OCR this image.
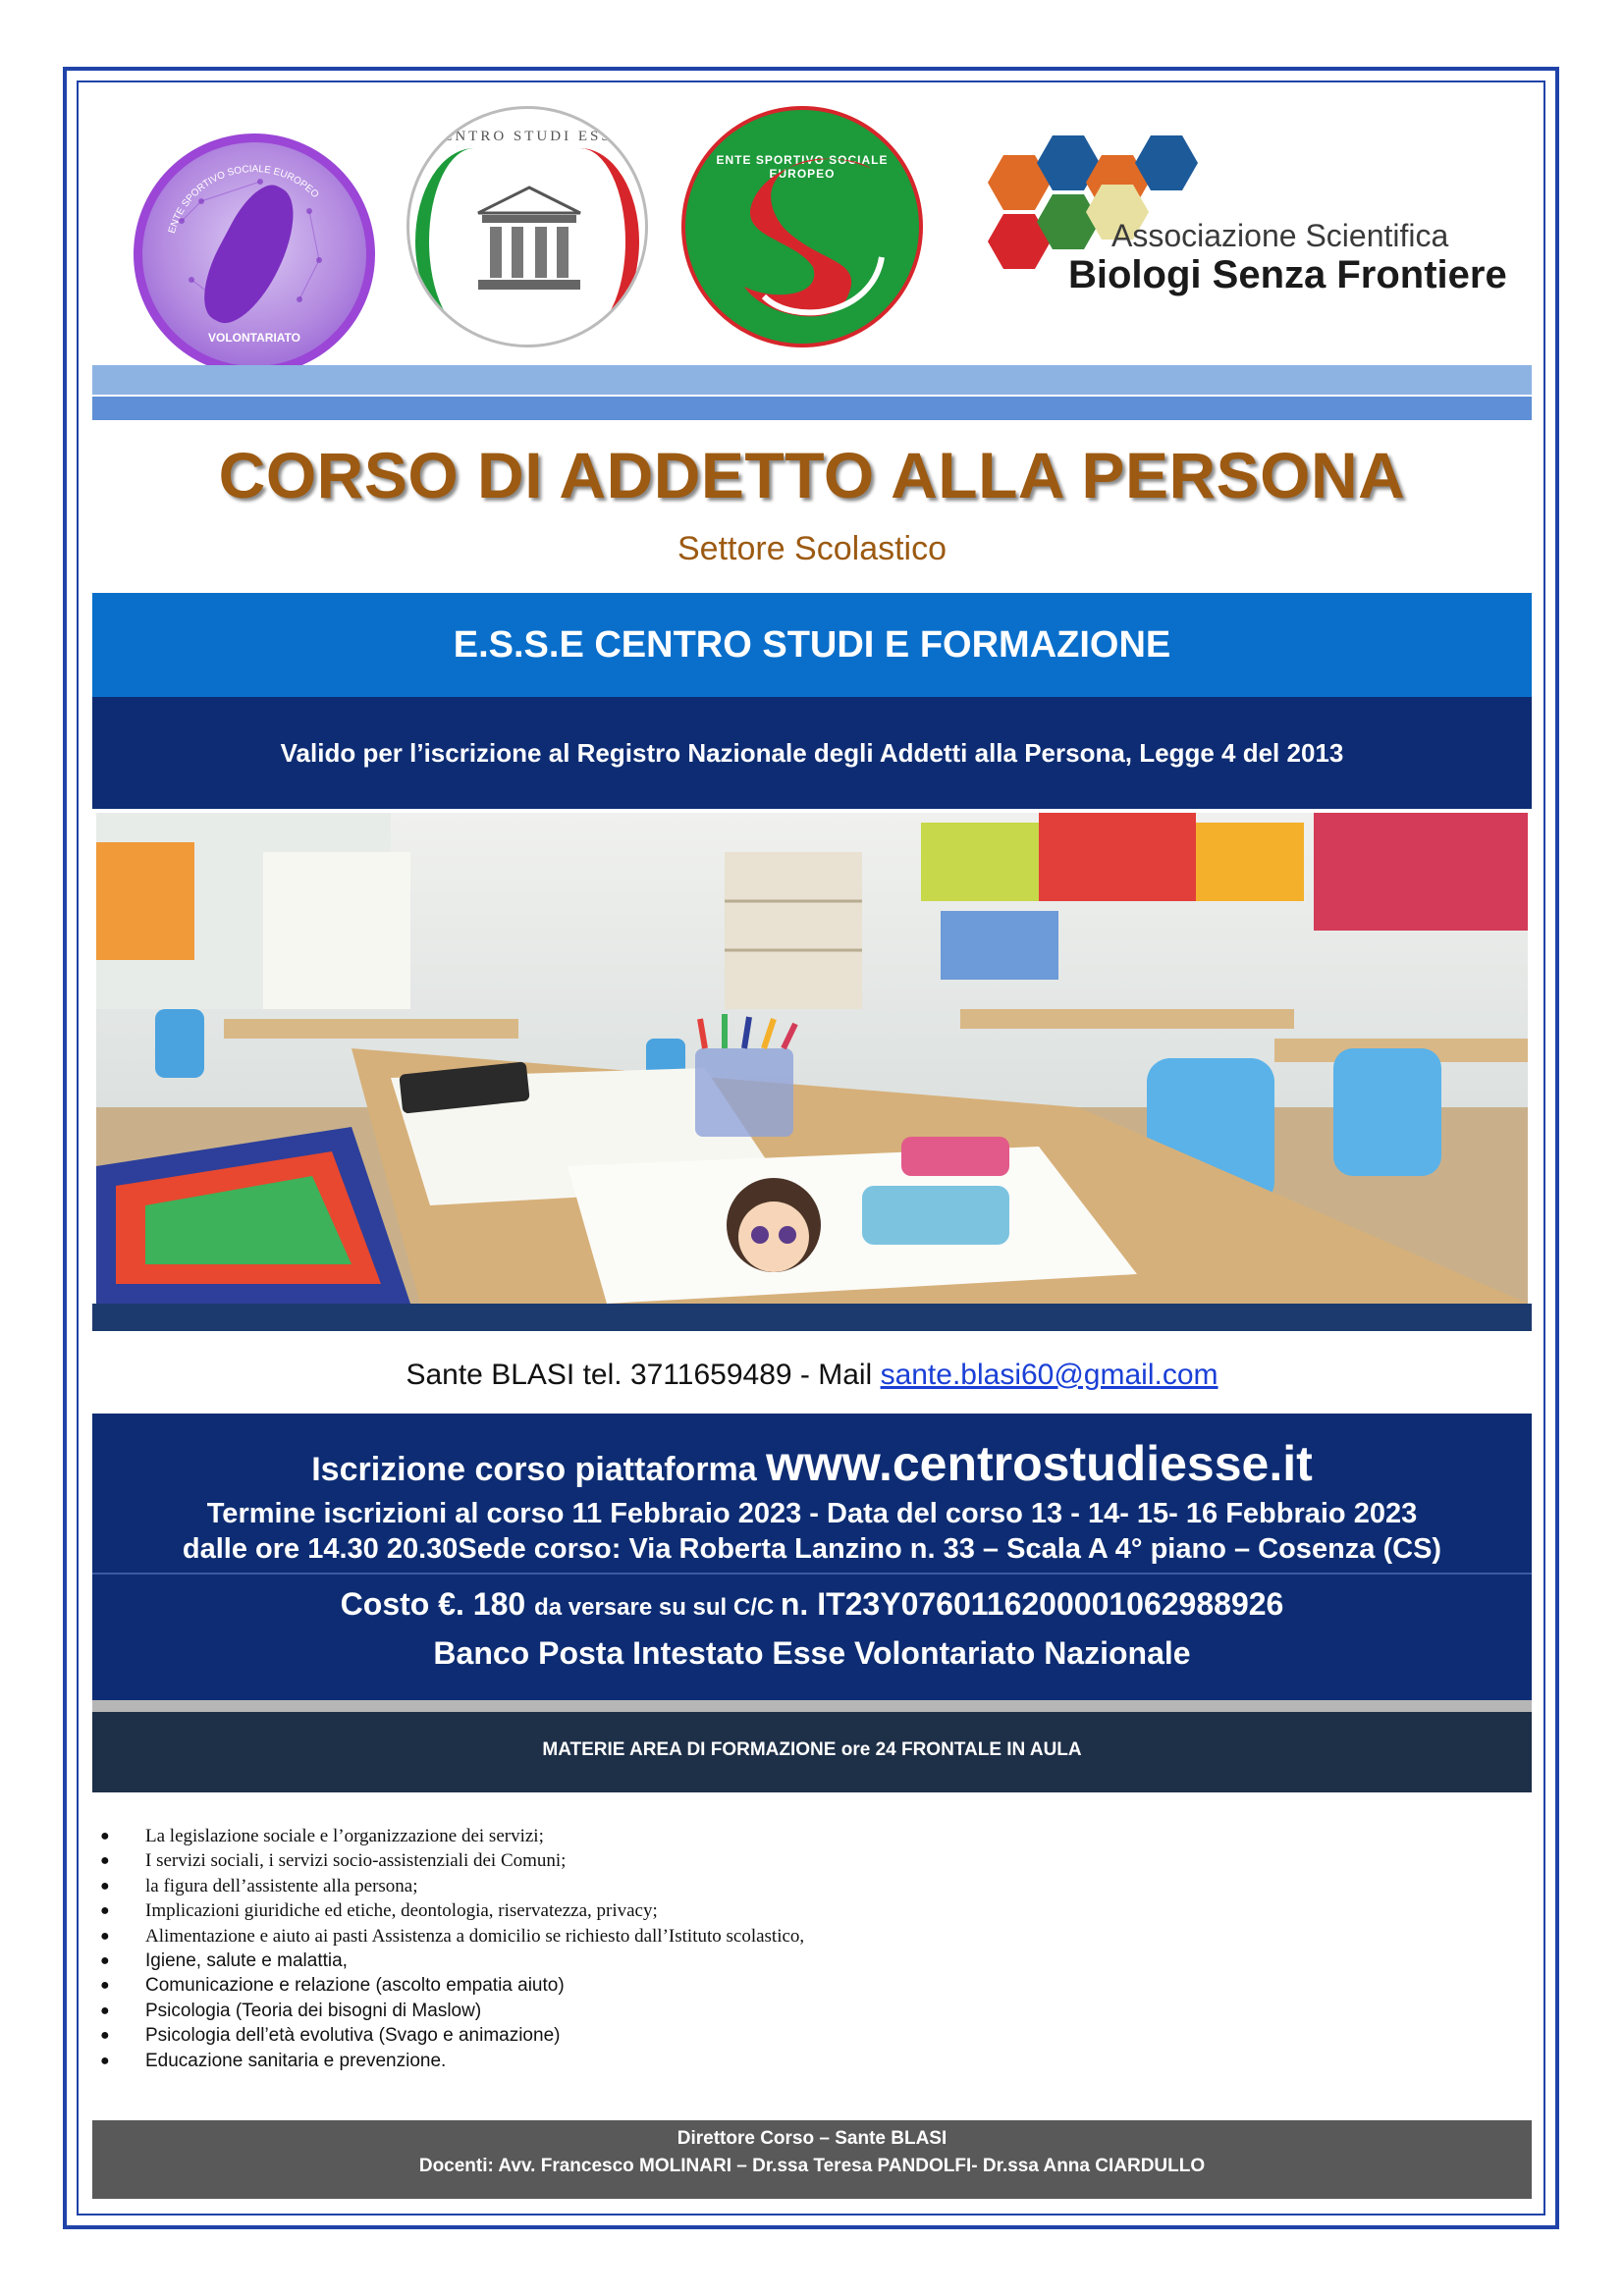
VOLONTARIATO
ENTE SPORTIVO SOCIALE EUROPEO
CENTRO STUDI ESSE
ENTE SPORTIVO SOCIALE EUROPEO
Associazione Scientifica
Biologi Senza Frontiere
CORSO DI ADDETTO ALLA PERSONA
Settore Scolastico
E.S.S.E CENTRO STUDI E FORMAZIONE
Valido per l’iscrizione al Registro Nazionale degli Addetti alla Persona, Legge 4 del 2013
Sante BLASI tel. 3711659489 - Mail sante.blasi60@gmail.com
Iscrizione corso piattaforma www.centrostudiesse.it
Termine iscrizioni al corso 11 Febbraio 2023 - Data del corso 13 - 14- 15- 16 Febbraio 2023
dalle ore 14.30 20.30Sede corso: Via Roberta Lanzino n. 33 – Scala A 4° piano – Cosenza (CS)
Costo €. 180 da versare su sul C/C n. IT23Y0760116200001062988926
Banco Posta Intestato Esse Volontariato Nazionale
MATERIE AREA DI FORMAZIONE ore 24 FRONTALE IN AULA
● La legislazione sociale e l’organizzazione dei servizi;
● I servizi sociali, i servizi socio-assistenziali dei Comuni;
● la figura dell’assistente alla persona;
● Implicazioni giuridiche ed etiche, deontologia, riservatezza, privacy;
● Alimentazione e aiuto ai pasti Assistenza a domicilio se richiesto dall’Istituto scolastico,
● Igiene, salute e malattia,
● Comunicazione e relazione (ascolto empatia aiuto)
● Psicologia (Teoria dei bisogni di Maslow)
● Psicologia dell’età evolutiva (Svago e animazione)
● Educazione sanitaria e prevenzione.
Direttore Corso – Sante BLASI
Docenti: Avv. Francesco MOLINARI – Dr.ssa Teresa PANDOLFI- Dr.ssa Anna CIARDULLO
